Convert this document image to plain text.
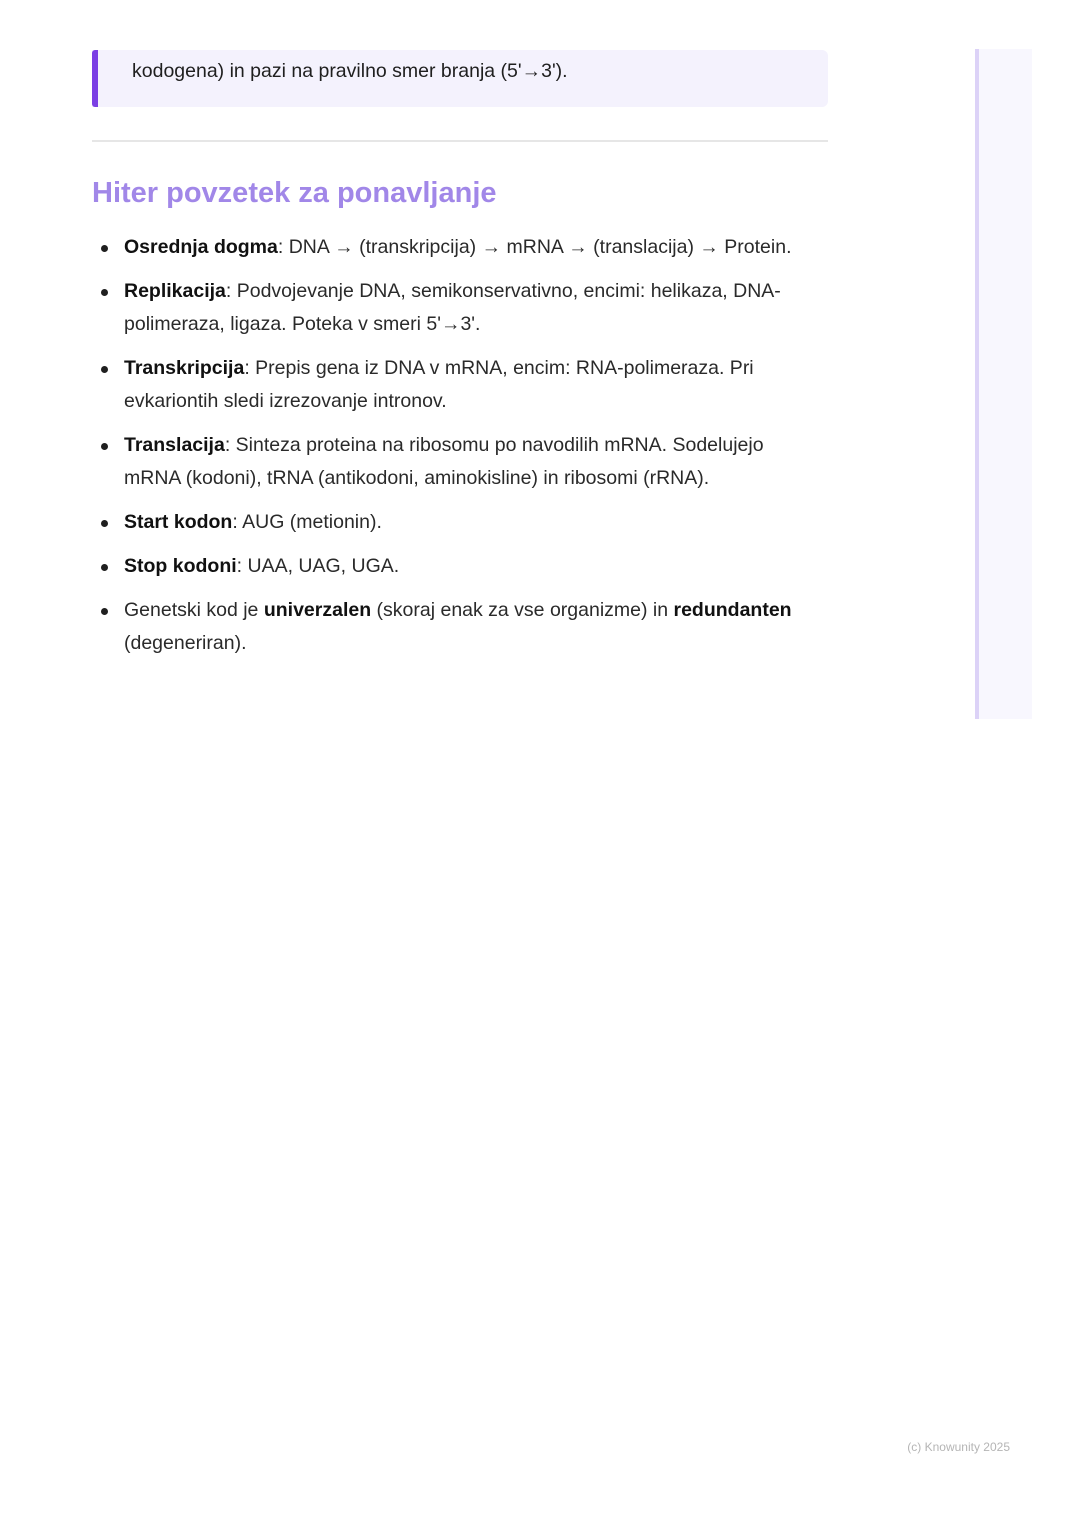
kodogena) in pazi na pravilno smer branja (5'→3').
Hiter povzetek za ponavljanje
Osrednja dogma: DNA → (transkripcija) → mRNA → (translacija) → Protein.
Replikacija: Podvojevanje DNA, semikonservativno, encimi: helikaza, DNA-polimeraza, ligaza. Poteka v smeri 5'→3'.
Transkripcija: Prepis gena iz DNA v mRNA, encim: RNA-polimeraza. Pri evkariontih sledi izrezovanje intronov.
Translacija: Sinteza proteina na ribosomu po navodilih mRNA. Sodelujejo mRNA (kodoni), tRNA (antikodoni, aminokisline) in ribosomi (rRNA).
Start kodon: AUG (metionin).
Stop kodoni: UAA, UAG, UGA.
Genetski kod je univerzalen (skoraj enak za vse organizme) in redundanten (degeneriran).
(c) Knowunity 2025
